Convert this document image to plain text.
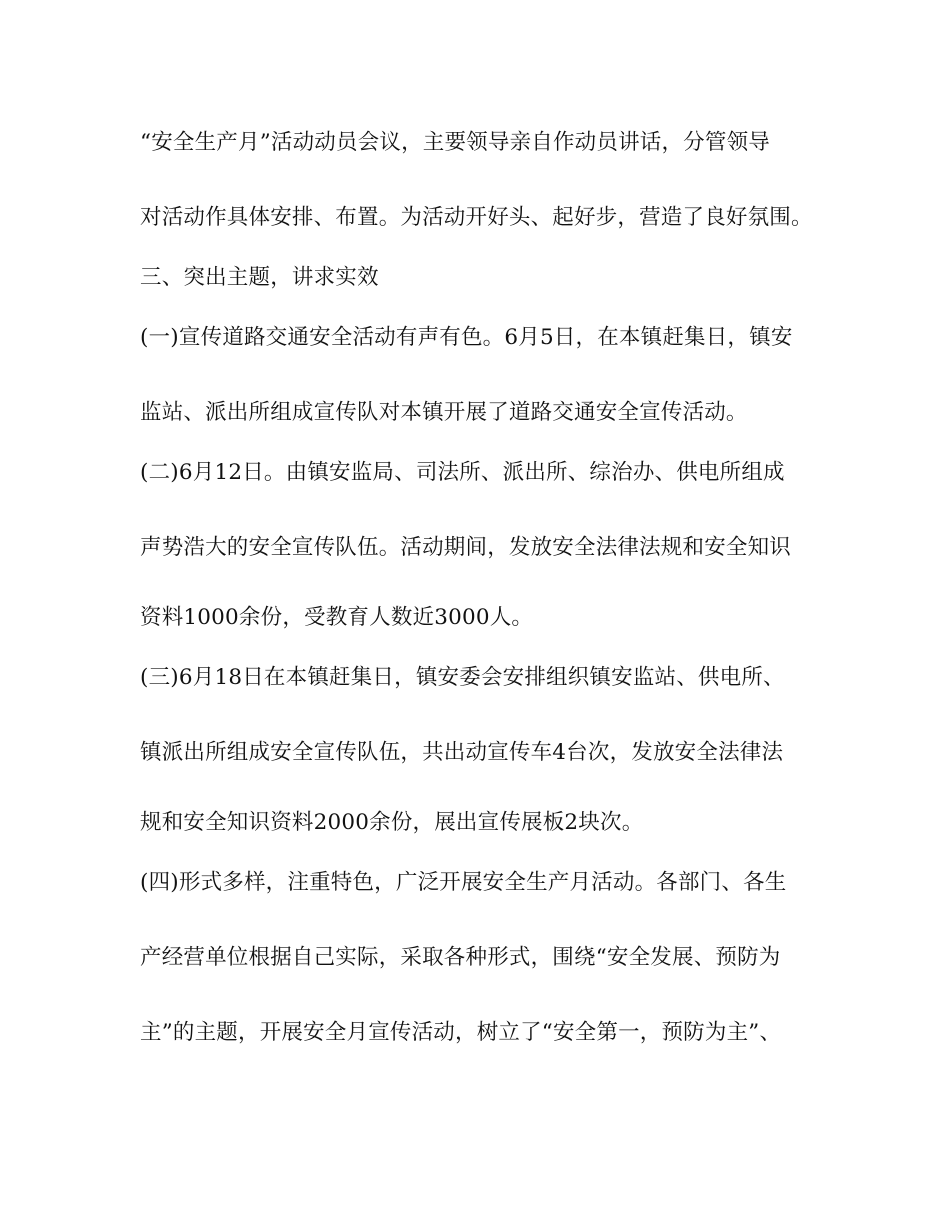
“安全生产月”活动动员会议，主要领导亲自作动员讲话，分管领导
对活动作具体安排、布置。为活动开好头、起好步，营造了良好氛围。
三、突出主题，讲求实效
(一)宣传道路交通安全活动有声有色。6月5日，在本镇赶集日，镇安
监站、派出所组成宣传队对本镇开展了道路交通安全宣传活动。
(二)6月12日。由镇安监局、司法所、派出所、综治办、供电所组成
声势浩大的安全宣传队伍。活动期间，发放安全法律法规和安全知识
资料1000余份，受教育人数近3000人。
(三)6月18日在本镇赶集日，镇安委会安排组织镇安监站、供电所、
镇派出所组成安全宣传队伍，共出动宣传车4台次，发放安全法律法
规和安全知识资料2000余份，展出宣传展板2块次。
(四)形式多样，注重特色，广泛开展安全生产月活动。各部门、各生
产经营单位根据自己实际，采取各种形式，围绕“安全发展、预防为
主”的主题，开展安全月宣传活动，树立了“安全第一，预防为主”、
